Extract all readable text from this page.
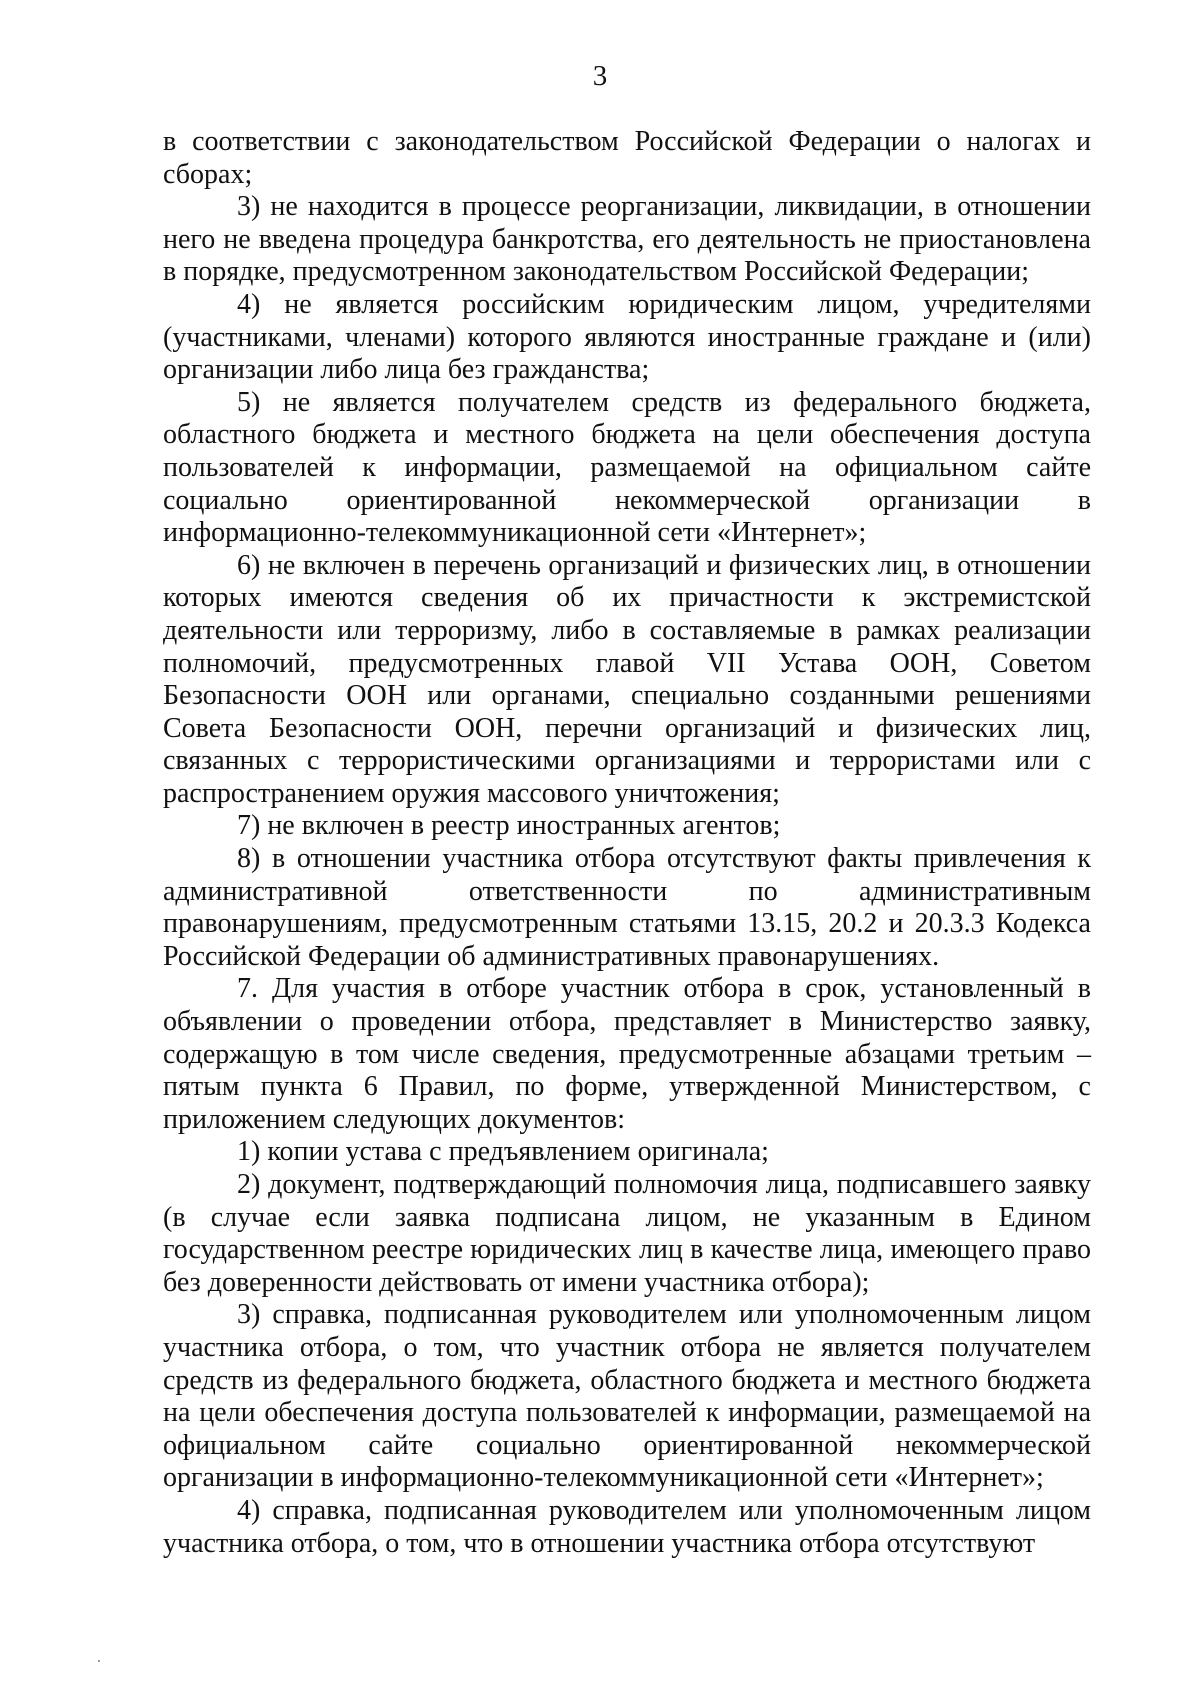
3

в соответствии с законодательством Российской Федерации о налогах и сборах;

3) не находится в процессе реорганизации, ликвидации, в отношении него не введена процедура банкротства, его деятельность не приостановлена в порядке, предусмотренном законодательством Российской Федерации;

4) не является российским юридическим лицом, учредителями (участниками, членами) которого являются иностранные граждане и (или) организации либо лица без гражданства;

5) не является получателем средств из федерального бюджета, областного бюджета и местного бюджета на цели обеспечения доступа пользователей к информации, размещаемой на официальном сайте социально ориентированной некоммерческой организации в информационно-телекоммуникационной сети «Интернет»;

6) не включен в перечень организаций и физических лиц, в отношении которых имеются сведения об их причастности к экстремистской деятельности или терроризму, либо в составляемые в рамках реализации полномочий, предусмотренных главой VII Устава ООН, Советом Безопасности ООН или органами, специально созданными решениями Совета Безопасности ООН, перечни организаций и физических лиц, связанных с террористическими организациями и террористами или с распространением оружия массового уничтожения;

7) не включен в реестр иностранных агентов;

8) в отношении участника отбора отсутствуют факты привлечения к административной ответственности по административным правонарушениям, предусмотренным статьями 13.15, 20.2 и 20.3.3 Кодекса Российской Федерации об административных правонарушениях.

7. Для участия в отборе участник отбора в срок, установленный в объявлении о проведении отбора, представляет в Министерство заявку, содержащую в том числе сведения, предусмотренные абзацами третьим – пятым пункта 6 Правил, по форме, утвержденной Министерством, с приложением следующих документов:

1) копии устава с предъявлением оригинала;

2) документ, подтверждающий полномочия лица, подписавшего заявку (в случае если заявка подписана лицом, не указанным в Едином государственном реестре юридических лиц в качестве лица, имеющего право без доверенности действовать от имени участника отбора);

3) справка, подписанная руководителем или уполномоченным лицом участника отбора, о том, что участник отбора не является получателем средств из федерального бюджета, областного бюджета и местного бюджета на цели обеспечения доступа пользователей к информации, размещаемой на официальном сайте социально ориентированной некоммерческой организации в информационно-телекоммуникационной сети «Интернет»;

4) справка, подписанная руководителем или уполномоченным лицом участника отбора, о том, что в отношении участника отбора отсутствуют
